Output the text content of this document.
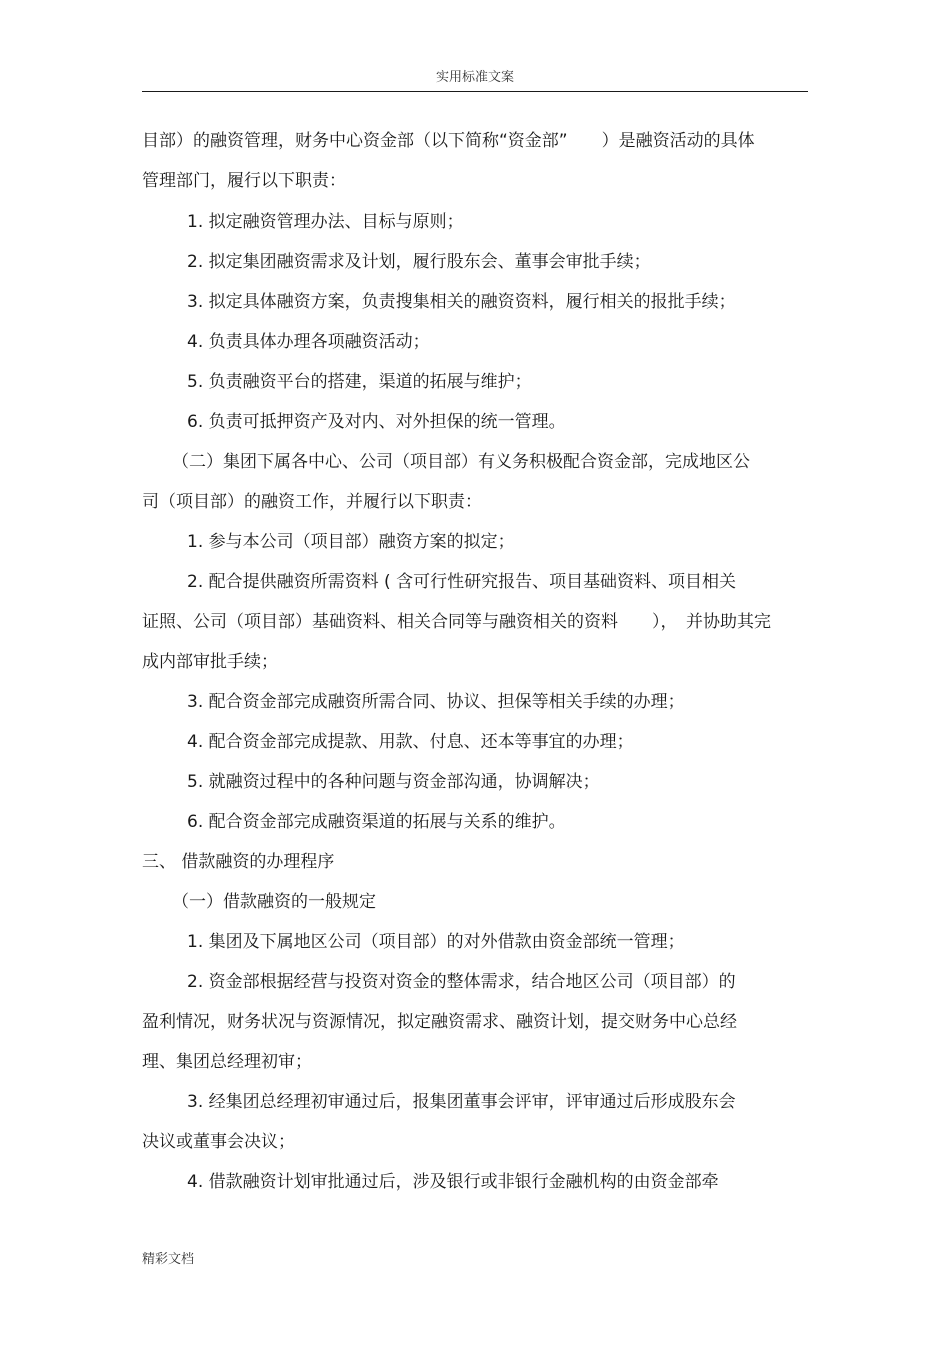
实用标准文案
目部）的融资管理，财务中心资金部（以下简称“资金部”　　）是融资活动的具体
管理部门，履行以下职责：
1. 拟定融资管理办法、目标与原则；
2. 拟定集团融资需求及计划，履行股东会、董事会审批手续；
3. 拟定具体融资方案，负责搜集相关的融资资料，履行相关的报批手续；
4. 负责具体办理各项融资活动；
5. 负责融资平台的搭建，渠道的拓展与维护；
6. 负责可抵押资产及对内、对外担保的统一管理。
（二）集团下属各中心、公司（项目部）有义务积极配合资金部，完成地区公
司（项目部）的融资工作，并履行以下职责：
1. 参与本公司（项目部）融资方案的拟定；
2. 配合提供融资所需资料 ( 含可行性研究报告、项目基础资料、项目相关
证照、公司（项目部）基础资料、相关合同等与融资相关的资料　　），　并协助其完
成内部审批手续；
3. 配合资金部完成融资所需合同、协议、担保等相关手续的办理；
4. 配合资金部完成提款、用款、付息、还本等事宜的办理；
5. 就融资过程中的各种问题与资金部沟通，协调解决；
6. 配合资金部完成融资渠道的拓展与关系的维护。
三、 借款融资的办理程序
（一）借款融资的一般规定
1. 集团及下属地区公司（项目部）的对外借款由资金部统一管理；
2. 资金部根据经营与投资对资金的整体需求，结合地区公司（项目部）的
盈利情况，财务状况与资源情况，拟定融资需求、融资计划，提交财务中心总经
理、集团总经理初审；
3. 经集团总经理初审通过后，报集团董事会评审，评审通过后形成股东会
决议或董事会决议；
4. 借款融资计划审批通过后，涉及银行或非银行金融机构的由资金部牵
精彩文档
